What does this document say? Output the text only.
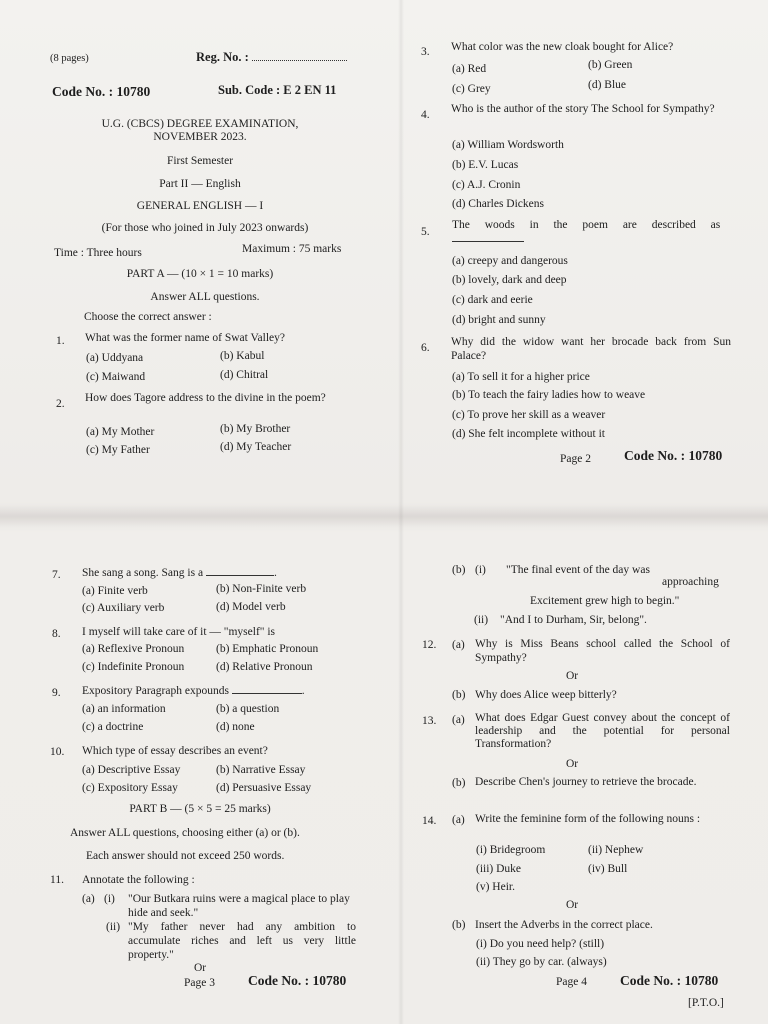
(8 pages)	Reg. No. :
Code No. : 10780	Sub. Code : E 2 EN 11
U.G. (CBCS) DEGREE EXAMINATION,
NOVEMBER 2023.
First Semester
Part II — English
GENERAL ENGLISH — I
(For those who joined in July 2023 onwards)
Time : Three hours	Maximum : 75 marks
PART A — (10 × 1 = 10 marks)
Answer ALL questions.
Choose the correct answer :
1. What was the former name of Swat Valley?
(a) Uddyana	(b) Kabul
(c) Maiwand	(d) Chitral
2. How does Tagore address to the divine in the poem?
(a) My Mother	(b) My Brother
(c) My Father	(d) My Teacher
3. What color was the new cloak bought for Alice?
(a) Red	(b) Green
(c) Grey	(d) Blue
4. Who is the author of the story The School for Sympathy?
(a) William Wordsworth
(b) E.V. Lucas
(c) A.J. Cronin
(d) Charles Dickens
5.
The woods in the poem are described as
(a) creepy and dangerous
(b) lovely, dark and deep
(c) dark and eerie
(d) bright and sunny
6. Why did the widow want her brocade back from Sun Palace?
(a) To sell it for a higher price
(b) To teach the fairy ladies how to weave
(c) To prove her skill as a weaver
(d) She felt incomplete without it
Page 2 Code No. : 10780
7. She sang a song. Sang is a	.
(a) Finite verb	(b) Non-Finite verb
(c) Auxiliary verb	(d) Model verb
8. I myself will take care of it — "myself" is
(a) Reflexive Pronoun	(b) Emphatic Pronoun
(c) Indefinite Pronoun	(d) Relative Pronoun
9. Expository Paragraph expounds	.
(a) an information	(b) a question
(c) a doctrine	(d) none
10. Which type of essay describes an event?
(a) Descriptive Essay	(b) Narrative Essay
(c) Expository Essay	(d) Persuasive Essay
PART B — (5 × 5 = 25 marks)
Answer ALL questions, choosing either (a) or (b).
Each answer should not exceed 250 words.
11. Annotate the following :
(a) (i) "Our Butkara ruins were a magical place to play hide and seek."
(ii) "My father never had any ambition to accumulate riches and left us very little property."
Or
Page 3 Code No. : 10780
(b) (i) "The final event of the day was
approaching
Excitement grew high to begin."
(ii) "And I to Durham, Sir, belong".
12. (a) Why is Miss Beans school called the School of Sympathy?
Or
(b) Why does Alice weep bitterly?
13. (a) What does Edgar Guest convey about the concept of leadership and the potential for personal Transformation?
Or
(b) Describe Chen's journey to retrieve the brocade.
14. (a) Write the feminine form of the following nouns :
(i) Bridegroom	(ii) Nephew
(iii) Duke	(iv) Bull
(v) Heir.
Or
(b) Insert the Adverbs in the correct place.
(i) Do you need help? (still)
(ii) They go by car. (always)
Page 4 Code No. : 10780
[P.T.O.]
